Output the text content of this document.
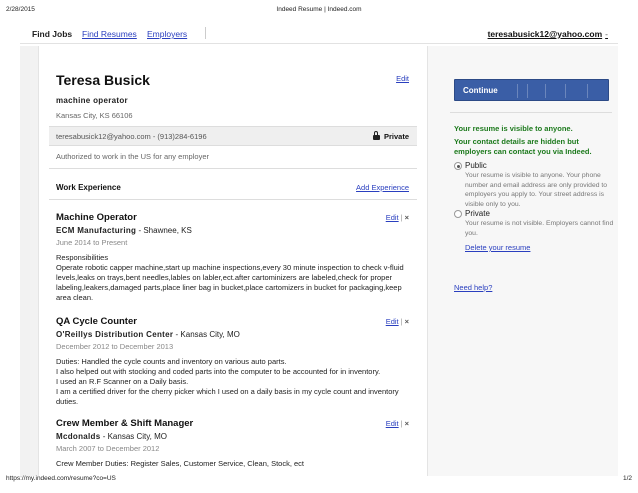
2/28/2015	Indeed Resume | Indeed.com
Find Jobs Find Resumes Employers	teresabusick12@yahoo.com -
Teresa Busick	Edit
machine operator
Kansas City, KS 66106
teresabusick12@yahoo.com - (913)284-6196	Private
Authorized to work in the US for any employer
Work Experience	Add Experience
Machine Operator	Edit | ×
ECM Manufacturing - Shawnee, KS
June 2014 to Present
Responsibilities
Operate robotic capper machine,start up machine inspections,every 30 minute inspection to check v-fluid levels,leaks on trays,bent needles,lables on labler,ect.after cartominizers are labeled,check for proper labeling,leakers,damaged parts,place liner bag in bucket,place cartomizers in bucket for packaging,keep area clean.
QA Cycle Counter	Edit | ×
O'Reillys Distribution Center - Kansas City, MO
December 2012 to December 2013
Duties: Handled the cycle counts and inventory on various auto parts.
I also helped out with stocking and coded parts into the computer to be accounted for in inventory.
I used an R.F Scanner on a Daily basis.
I am a certified driver for the cherry picker which I used on a daily basis in my cycle count and inventory duties.
Crew Member & Shift Manager	Edit | ×
Mcdonalds - Kansas City, MO
March 2007 to December 2012
Crew Member Duties: Register Sales, Customer Service, Clean, Stock, ect
Continue
Your resume is visible to anyone.
Your contact details are hidden but employers can contact you via Indeed.
Public
Your resume is visible to anyone. Your phone number and email address are only provided to employers you apply to. Your street address is visible only to you.
Private
Your resume is not visible. Employers cannot find you.
Delete your resume
Need help?
https://my.indeed.com/resume?co=US	1/2
